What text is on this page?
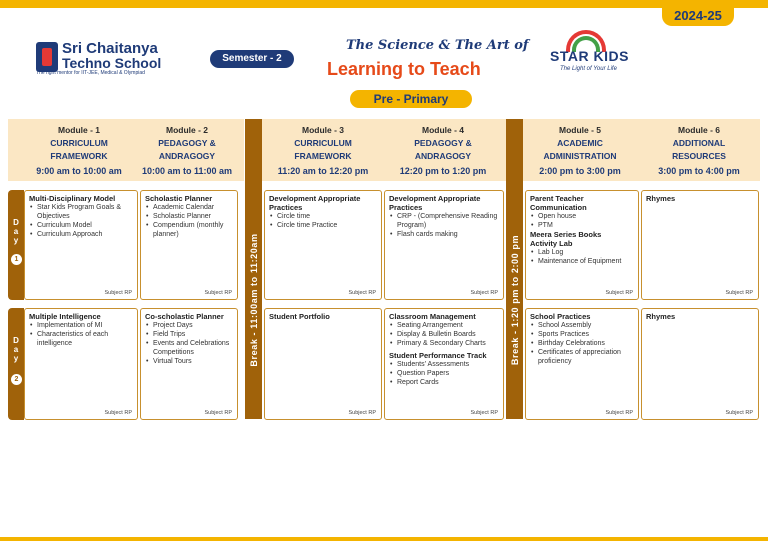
2024-25
Sri Chaitanya
Techno School
The right mentor for IIT-JEE, Medical & Olympiad
Semester - 2
The Science & The Art of
Learning to Teach
Pre - Primary
STAR KIDS
The Light of Your Life
Module - 1
CURRICULUM FRAMEWORK
9:00 am to 10:00 am
Module - 2
PEDAGOGY & ANDRAGOGY
10:00 am to 11:00 am
Module - 3
CURRICULUM FRAMEWORK
11:20 am to 12:20 pm
Module - 4
PEDAGOGY & ANDRAGOGY
12:20 pm to 1:20 pm
Module - 5
ACADEMIC ADMINISTRATION
2:00 pm to 3:00 pm
Module - 6
ADDITIONAL RESOURCES
3:00 pm to 4:00 pm
Break - 11:00am to 11:20am	Break - 1:20 pm to 2:00 pm
Day
1
Day
2
Multi-Disciplinary Model
• Star Kids Program Goals & Objectives
• Curriculum Model
• Curriculum Approach
Subject RP
Scholastic Planner
• Academic Calendar
• Scholastic Planner
• Compendium (monthly planner)
Subject RP
Development Appropriate Practices
• Circle time
• Circle time Practice
Subject RP
Development Appropriate Practices
• CRP - (Comprehensive Reading Program)
• Flash cards making
Subject RP
Parent Teacher Communication
• Open house
• PTM
Meera Series Books
Activity Lab
• Lab Log
• Maintenance of Equipment
Subject RP
Rhymes
Subject RP
Multiple Intelligence
• Implementation of MI
• Characteristics of each intelligence
Subject RP
Co-scholastic Planner
• Project Days
• Field Trips
• Events and Celebrations Competitions
• Virtual Tours
Subject RP
Student Portfolio
Subject RP
Classroom Management
• Seating Arrangement
• Display & Bulletin Boards
• Primary & Secondary Charts
Student Performance Track
• Students' Assessments
• Question Papers
• Report Cards
Subject RP
School Practices
• School Assembly
• Sports Practices
• Birthday Celebrations
• Certificates of appreciation proficiency
Subject RP
Rhymes
Subject RP
